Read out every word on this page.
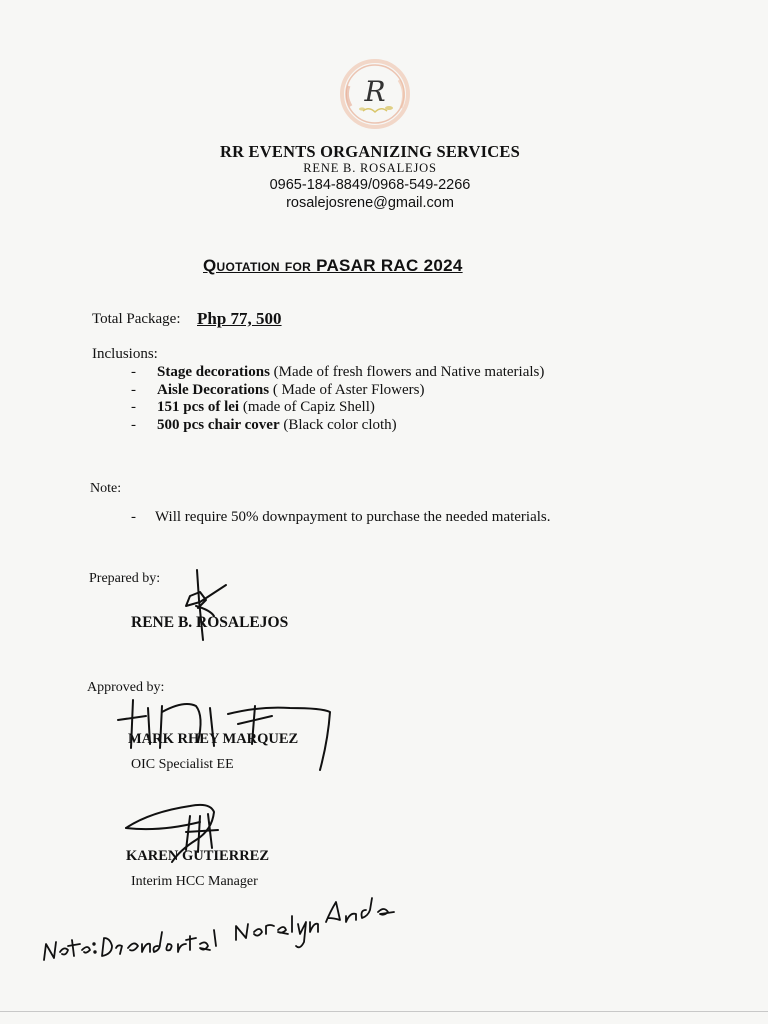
R
RR EVENTS ORGANIZING SERVICES
RENE B. ROSALEJOS
0965-184-8849/0968-549-2266
rosalejosrene@gmail.com
Quotation for PASAR RAC 2024
Total Package: Php 77, 500
Inclusions:
-	Stage decorations (Made of fresh flowers and Native materials)
-	Aisle Decorations ( Made of Aster Flowers)
-	151 pcs of lei (made of Capiz Shell)
-	500 pcs chair cover (Black color cloth)
Note:
- Will require 50% downpayment to purchase the needed materials.
Prepared by:
RENE B. ROSALEJOS
Approved by:
MARK RHEY MARQUEZ
OIC Specialist EE
KAREN GUTIERREZ
Interim HCC Manager
